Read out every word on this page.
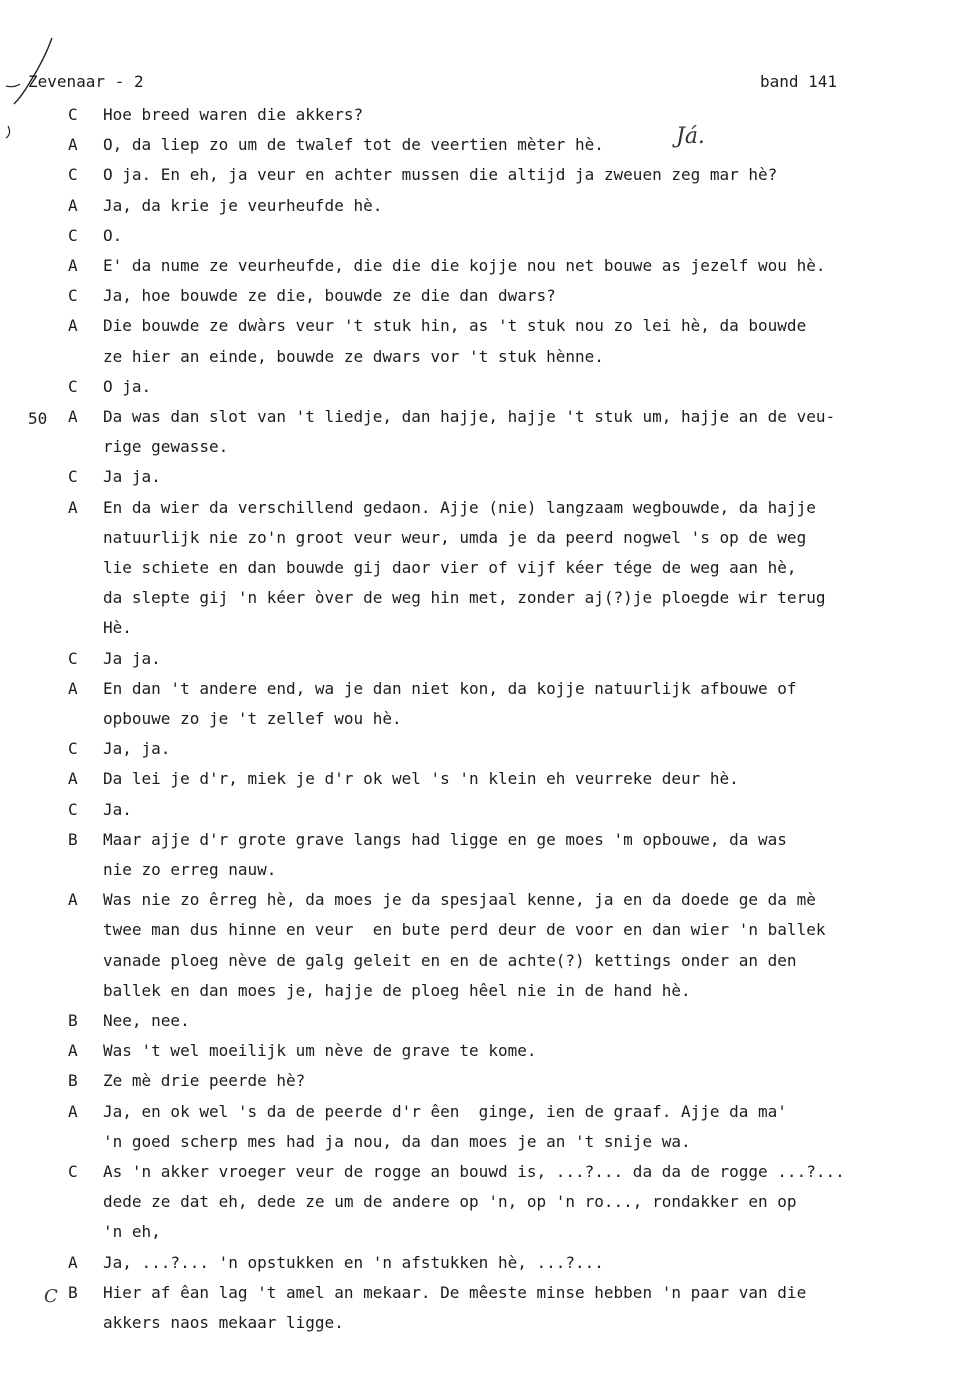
Zevenaar - 2	band 141
Já.
50
C
C Hoe breed waren die akkers?
A O, da liep zo um de twalef tot de veertien mèter hè.
C O ja. En eh, ja veur en achter mussen die altijd ja zweuen zeg mar hè?
A Ja, da krie je veurheufde hè.
C O.
A E' da nume ze veurheufde, die die die kojje nou net bouwe as jezelf wou hè.
C Ja, hoe bouwde ze die, bouwde ze die dan dwars?
A Die bouwde ze dwàrs veur 't stuk hin, as 't stuk nou zo lei hè, da bouwde
ze hier an einde, bouwde ze dwars vor 't stuk hènne.
C O ja.
A Da was dan slot van 't liedje, dan hajje, hajje 't stuk um, hajje an de veu-
rige gewasse.
C Ja ja.
A En da wier da verschillend gedaon. Ajje (nie) langzaam wegbouwde, da hajje
natuurlijk nie zo'n groot veur weur, umda je da peerd nogwel 's op de weg
lie schiete en dan bouwde gij daor vier of vijf kéer tége de weg aan hè,
da slepte gij 'n kéer òver de weg hin met, zonder aj(?)je ploegde wir terug
Hè.
C Ja ja.
A En dan 't andere end, wa je dan niet kon, da kojje natuurlijk afbouwe of
opbouwe zo je 't zellef wou hè.
C Ja, ja.
A Da lei je d'r, miek je d'r ok wel 's 'n klein eh veurreke deur hè.
C Ja.
B Maar ajje d'r grote grave langs had ligge en ge moes 'm opbouwe, da was
nie zo erreg nauw.
A Was nie zo êrreg hè, da moes je da spesjaal kenne, ja en da doede ge da mè
twee man dus hinne en veur  en bute perd deur de voor en dan wier 'n ballek
vanade ploeg nève de galg geleit en en de achte(?) kettings onder an den
ballek en dan moes je, hajje de ploeg hêel nie in de hand hè.
B Nee, nee.
A Was 't wel moeilijk um nève de grave te kome.
B Ze mè drie peerde hè?
A Ja, en ok wel 's da de peerde d'r êen  ginge, ien de graaf. Ajje da ma'
'n goed scherp mes had ja nou, da dan moes je an 't snije wa.
C As 'n akker vroeger veur de rogge an bouwd is, ...?... da da de rogge ...?...
dede ze dat eh, dede ze um de andere op 'n, op 'n ro..., rondakker en op
'n eh,
A Ja, ...?... 'n opstukken en 'n afstukken hè, ...?...
B Hier af êan lag 't amel an mekaar. De mêeste minse hebben 'n paar van die
akkers naos mekaar ligge.
